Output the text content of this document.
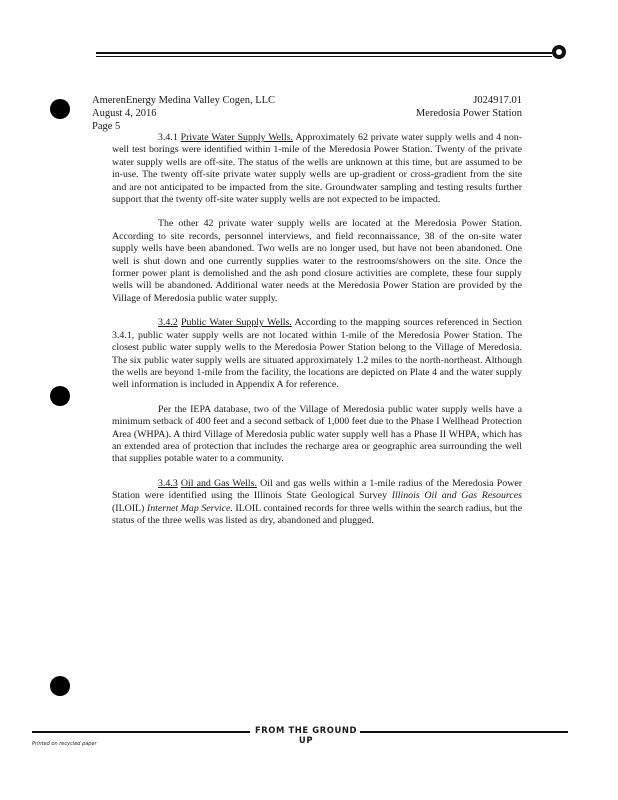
AmerenEnergy Medina Valley Cogen, LLC	J024917.01
August 4, 2016	Meredosia Power Station
Page 5

3.4.1 Private Water Supply Wells. Approximately 62 private water supply wells and 4 non-well test borings were identified within 1-mile of the Meredosia Power Station. Twenty of the private water supply wells are off-site. The status of the wells are unknown at this time, but are assumed to be in-use. The twenty off-site private water supply wells are up-gradient or cross-gradient from the site and are not anticipated to be impacted from the site. Groundwater sampling and testing results further support that the twenty off-site water supply wells are not expected to be impacted.

The other 42 private water supply wells are located at the Meredosia Power Station. According to site records, personnel interviews, and field reconnaissance, 38 of the on-site water supply wells have been abandoned. Two wells are no longer used, but have not been abandoned. One well is shut down and one currently supplies water to the restrooms/showers on the site. Once the former power plant is demolished and the ash pond closure activities are complete, these four supply wells will be abandoned. Additional water needs at the Meredosia Power Station are provided by the Village of Meredosia public water supply.

3.4.2 Public Water Supply Wells. According to the mapping sources referenced in Section 3.4.1, public water supply wells are not located within 1-mile of the Meredosia Power Station. The closest public water supply wells to the Meredosia Power Station belong to the Village of Meredosia. The six public water supply wells are situated approximately 1.2 miles to the north-northeast. Although the wells are beyond 1-mile from the facility, the locations are depicted on Plate 4 and the water supply well information is included in Appendix A for reference.

Per the IEPA database, two of the Village of Meredosia public water supply wells have a minimum setback of 400 feet and a second setback of 1,000 feet due to the Phase I Wellhead Protection Area (WHPA). A third Village of Meredosia public water supply well has a Phase II WHPA, which has an extended area of protection that includes the recharge area or geographic area surrounding the well that supplies potable water to a community.

3.4.3 Oil and Gas Wells. Oil and gas wells within a 1-mile radius of the Meredosia Power Station were identified using the Illinois State Geological Survey Illinois Oil and Gas Resources (ILOIL) Internet Map Service. ILOIL contained records for three wells within the search radius, but the status of the three wells was listed as dry, abandoned and plugged.

FROM THE GROUND UP
Printed on recycled paper
